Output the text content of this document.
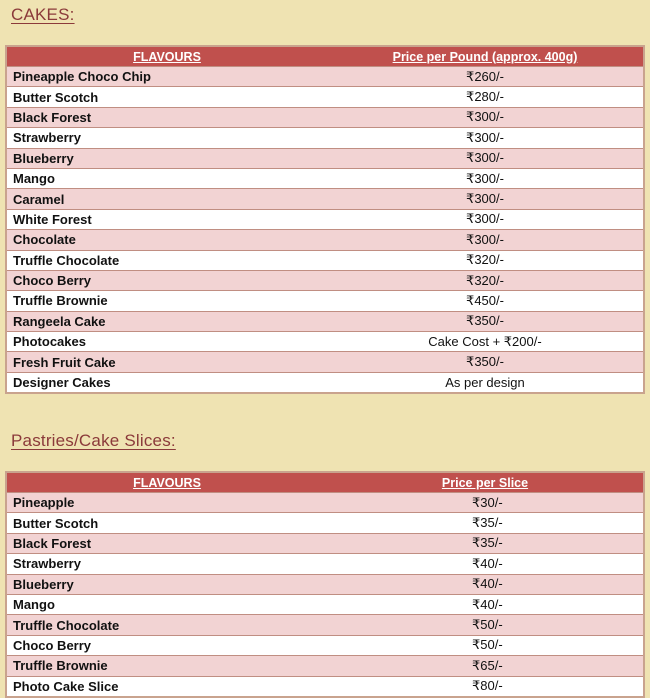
CAKES:
FLAVOURS	Price per Pound (approx. 400g)
Pineapple Choco Chip	₹260/-
Butter Scotch	₹280/-
Black Forest	₹300/-
Strawberry	₹300/-
Blueberry	₹300/-
Mango	₹300/-
Caramel	₹300/-
White Forest	₹300/-
Chocolate	₹300/-
Truffle Chocolate	₹320/-
Choco Berry	₹320/-
Truffle Brownie	₹450/-
Rangeela Cake	₹350/-
Photocakes	Cake Cost + ₹200/-
Fresh Fruit Cake	₹350/-
Designer Cakes	As per design
Pastries/Cake Slices:
FLAVOURS	Price per Slice
Pineapple	₹30/-
Butter Scotch	₹35/-
Black Forest	₹35/-
Strawberry	₹40/-
Blueberry	₹40/-
Mango	₹40/-
Truffle Chocolate	₹50/-
Choco Berry	₹50/-
Truffle Brownie	₹65/-
Photo Cake Slice	₹80/-
